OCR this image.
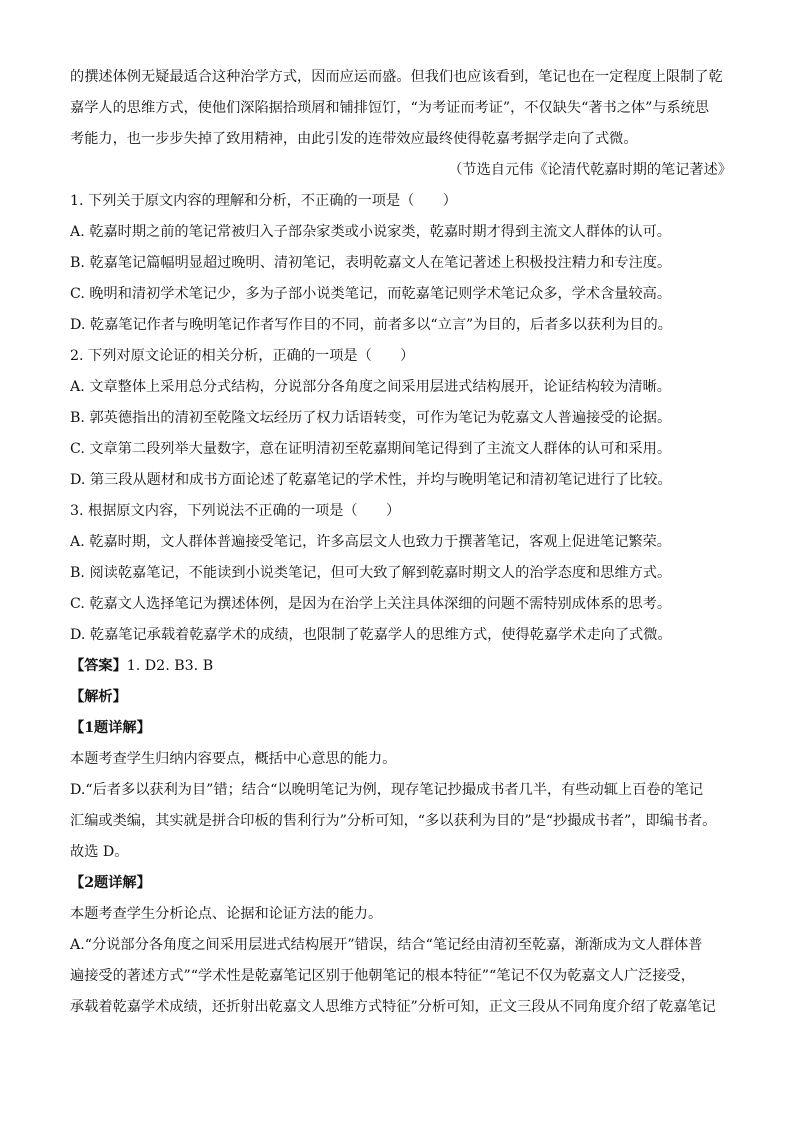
的撰述体例无疑最适合这种治学方式，因而应运而盛。但我们也应该看到，笔记也在一定程度上限制了乾
嘉学人的思维方式，使他们深陷据拾琐屑和铺排饾饤，“为考证而考证”，不仅缺失“著书之体”与系统思
考能力，也一步步失掉了致用精神，由此引发的连带效应最终使得乾嘉考据学走向了式微。
（节选自元伟《论清代乾嘉时期的笔记著述》
1. 下列关于原文内容的理解和分析，不正确的一项是（　　）
A. 乾嘉时期之前的笔记常被归入子部杂家类或小说家类，乾嘉时期才得到主流文人群体的认可。
B. 乾嘉笔记篇幅明显超过晚明、清初笔记，表明乾嘉文人在笔记著述上积极投注精力和专注度。
C. 晚明和清初学术笔记少，多为子部小说类笔记，而乾嘉笔记则学术笔记众多，学术含量较高。
D. 乾嘉笔记作者与晚明笔记作者写作目的不同，前者多以“立言”为目的，后者多以获利为目的。
2. 下列对原文论证的相关分析，正确的一项是（　　）
A. 文章整体上采用总分式结构，分说部分各角度之间采用层进式结构展开，论证结构较为清晰。
B. 郭英德指出的清初至乾隆文坛经历了权力话语转变，可作为笔记为乾嘉文人普遍接受的论据。
C. 文章第二段列举大量数字，意在证明清初至乾嘉期间笔记得到了主流文人群体的认可和采用。
D. 第三段从题材和成书方面论述了乾嘉笔记的学术性，并均与晚明笔记和清初笔记进行了比较。
3. 根据原文内容，下列说法不正确的一项是（　　）
A. 乾嘉时期，文人群体普遍接受笔记，许多高层文人也致力于撰著笔记，客观上促进笔记繁荣。
B. 阅读乾嘉笔记，不能读到小说类笔记，但可大致了解到乾嘉时期文人的治学态度和思维方式。
C. 乾嘉文人选择笔记为撰述体例，是因为在治学上关注具体深细的问题不需特别成体系的思考。
D. 乾嘉笔记承载着乾嘉学术的成绩，也限制了乾嘉学人的思维方式，使得乾嘉学术走向了式微。
【答案】1. D2. B3. B
【解析】
【1题详解】
本题考查学生归纳内容要点，概括中心意思的能力。
D.“后者多以获利为目”错；结合“以晚明笔记为例，现存笔记抄撮成书者几半，有些动辄上百卷的笔记
汇编或类编，其实就是拼合印板的售利行为”分析可知，“多以获利为目的”是“抄撮成书者”，即编书者。
故选 D。
【2题详解】
本题考查学生分析论点、论据和论证方法的能力。
A.“分说部分各角度之间采用层进式结构展开”错误，结合“笔记经由清初至乾嘉，渐渐成为文人群体普
遍接受的著述方式”“学术性是乾嘉笔记区别于他朝笔记的根本特征”“笔记不仅为乾嘉文人广泛接受，
承载着乾嘉学术成绩，还折射出乾嘉文人思维方式特征”分析可知，正文三段从不同角度介绍了乾嘉笔记
